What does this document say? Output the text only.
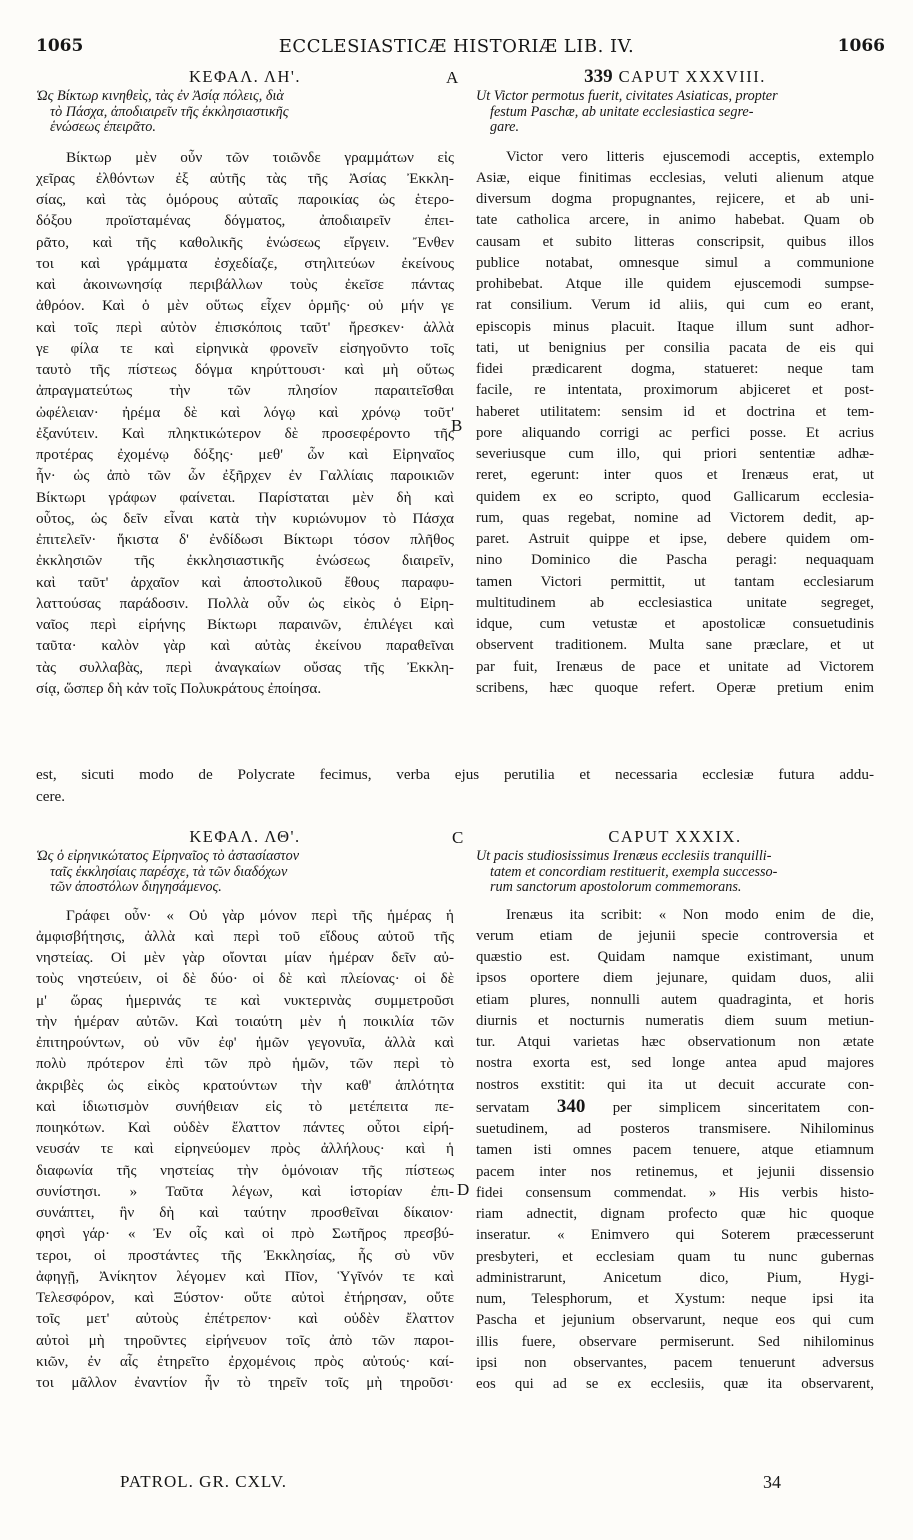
1065	ECCLESIASTICÆ HISTORIÆ LIB. IV.	1066
ΚΕΦΑΛ. ΛΗ'.
Ὡς Βίκτωρ κινηθεὶς, τὰς ἐν Ἀσίᾳ πόλεις, διὰ
τὸ Πάσχα, ἀποδιαιρεῖν τῆς ἐκκλησιαστικῆς
ἑνώσεως ἐπειρᾶτο.
Βίκτωρ μὲν οὖν τῶν τοιῶνδε γραμμάτων εἰς
χεῖρας ἐλθόντων ἐξ αὐτῆς τὰς τῆς Ἀσίας Ἐκκλη-
σίας, καὶ τὰς ὁμόρους αὐταῖς παροικίας ὡς ἑτερο-
δόξου προϊσταμένας δόγματος, ἀποδιαιρεῖν ἐπει-
ρᾶτο, καὶ τῆς καθολικῆς ἑνώσεως εἴργειν. Ἔνθεν
τοι καὶ γράμματα ἐσχεδίαζε, στηλιτεύων ἐκείνους
καὶ ἀκοινωνησίᾳ περιβάλλων τοὺς ἐκεῖσε πάντας
ἀθρόον. Καὶ ὁ μὲν οὕτως εἶχεν ὁρμῆς· οὐ μήν γε
καὶ τοῖς περὶ αὐτὸν ἐπισκόποις ταῦτ' ἤρεσκεν· ἀλλὰ
γε φίλα τε καὶ εἰρηνικὰ φρονεῖν εἰσηγοῦντο τοῖς
ταυτὸ τῆς πίστεως δόγμα κηρύττουσι· καὶ μὴ οὕτως
ἀπραγματεύτως τὴν τῶν πλησίον παραιτεῖσθαι
ὠφέλειαν· ἠρέμα δὲ καὶ λόγῳ καὶ χρόνῳ τοῦτ'
ἐξανύτειν. Καὶ πληκτικώτερον δὲ προσεφέροντο τῆς
προτέρας ἐχομένῳ δόξης· μεθ' ὧν καὶ Εἰρηναῖος
ἦν· ὡς ἀπὸ τῶν ὧν ἐξῆρχεν ἐν Γαλλίαις παροικιῶν
Βίκτωρι γράφων φαίνεται. Παρίσταται μὲν δὴ καὶ
οὗτος, ὡς δεῖν εἶναι κατὰ τὴν κυριώνυμον τὸ Πάσχα
ἐπιτελεῖν· ἥκιστα δ' ἐνδίδωσι Βίκτωρι τόσον πλῆθος
ἐκκλησιῶν τῆς ἐκκλησιαστικῆς ἑνώσεως διαιρεῖν,
καὶ ταῦτ' ἀρχαῖον καὶ ἀποστολικοῦ ἔθους παραφυ-
λαττούσας παράδοσιν. Πολλὰ οὖν ὡς εἰκὸς ὁ Εἰρη-
ναῖος περὶ εἰρήνης Βίκτωρι παραινῶν, ἐπιλέγει καὶ
ταῦτα· καλὸν γὰρ καὶ αὐτὰς ἐκείνου παραθεῖναι
τὰς συλλαβὰς, περὶ ἀναγκαίων οὔσας τῆς Ἐκκλη-
σίᾳ, ὥσπερ δὴ κἀν τοῖς Πολυκράτους ἐποίησα.
339 CAPUT XXXVIII.
Ut Victor permotus fuerit, civitates Asiaticas, propter
festum Paschæ, ab unitate ecclesiastica segre-
gare.
Victor vero litteris ejuscemodi acceptis, extemplo
Asiæ, eique finitimas ecclesias, veluti alienum atque
diversum dogma propugnantes, rejicere, et ab uni-
tate catholica arcere, in animo habebat. Quam ob
causam et subito litteras conscripsit, quibus illos
publice notabat, omnesque simul a communione
prohibebat. Atque ille quidem ejuscemodi sumpse-
rat consilium. Verum id aliis, qui cum eo erant,
episcopis minus placuit. Itaque illum sunt adhor-
tati, ut benignius per consilia pacata de eis qui
fidei prædicarent dogma, statueret: neque tam
facile, re intentata, proximorum abjiceret et post-
haberet utilitatem: sensim id et doctrina et tem-
pore aliquando corrigi ac perfici posse. Et acrius
severiusque cum illo, qui priori sententiæ adhæ-
reret, egerunt: inter quos et Irenæus erat, ut
quidem ex eo scripto, quod Gallicarum ecclesia-
rum, quas regebat, nomine ad Victorem dedit, ap-
paret. Astruit quippe et ipse, debere quidem om-
nino Dominico die Pascha peragi: nequaquam
tamen Victori permittit, ut tantam ecclesiarum
multitudinem ab ecclesiastica unitate segreget,
idque, cum vetustæ et apostolicæ consuetudinis
observent traditionem. Multa sane præclare, et ut
par fuit, Irenæus de pace et unitate ad Victorem
scribens, hæc quoque refert. Operæ pretium enim
est, sicuti modo de Polycrate fecimus, verba ejus perutilia et necessaria ecclesiæ futura addu-
cere.
A
B
C
D
ΚΕΦΑΛ. ΛΘ'.
Ὡς ὁ εἰρηνικώτατος Εἰρηναῖος τὸ ἀστασίαστον
ταῖς ἐκκλησίαις παρέσχε, τὰ τῶν διαδόχων
τῶν ἀποστόλων διηγησάμενος.
Γράφει οὖν· « Οὐ γὰρ μόνον περὶ τῆς ἡμέρας ἡ
ἀμφισβήτησις, ἀλλὰ καὶ περὶ τοῦ εἴδους αὐτοῦ τῆς
νηστείας. Οἱ μὲν γὰρ οἴονται μίαν ἡμέραν δεῖν αὐ-
τοὺς νηστεύειν, οἱ δὲ δύο· οἱ δὲ καὶ πλείονας· οἱ δὲ
μ' ὥρας ἡμερινάς τε καὶ νυκτερινὰς συμμετροῦσι
τὴν ἡμέραν αὐτῶν. Καὶ τοιαύτη μὲν ἡ ποικιλία τῶν
ἐπιτηρούντων, οὐ νῦν ἐφ' ἡμῶν γεγονυῖα, ἀλλὰ καὶ
πολὺ πρότερον ἐπὶ τῶν πρὸ ἡμῶν, τῶν περὶ τὸ
ἀκριβὲς ὡς εἰκὸς κρατούντων τὴν καθ' ἁπλότητα
καὶ ἰδιωτισμὸν συνήθειαν εἰς τὸ μετέπειτα πε-
ποιηκότων. Καὶ οὐδὲν ἔλαττον πάντες οὗτοι εἰρή-
νευσάν τε καὶ εἰρηνεύομεν πρὸς ἀλλήλους· καὶ ἡ
διαφωνία τῆς νηστείας τὴν ὁμόνοιαν τῆς πίστεως
συνίστησι. » Ταῦτα λέγων, καὶ ἱστορίαν ἐπι-
συνάπτει, ἣν δὴ καὶ ταύτην προσθεῖναι δίκαιον·
φησὶ γάρ· « Ἐν οἷς καὶ οἱ πρὸ Σωτῆρος πρεσβύ-
τεροι, οἱ προστάντες τῆς Ἐκκλησίας, ἧς σὺ νῦν
ἀφηγῇ, Ἀνίκητον λέγομεν καὶ Πῖον, Ὑγῖνόν τε καὶ
Τελεσφόρον, καὶ Ξύστον· οὔτε αὐτοὶ ἐτήρησαν, οὔτε
τοῖς μετ' αὐτοὺς ἐπέτρεπον· καὶ οὐδὲν ἔλαττον
αὐτοὶ μὴ τηροῦντες εἰρήνευον τοῖς ἀπὸ τῶν παροι-
κιῶν, ἐν αἷς ἐτηρεῖτο ἐρχομένοις πρὸς αὐτούς· καί-
τοι μᾶλλον ἐναντίον ἦν τὸ τηρεῖν τοῖς μὴ τηροῦσι·
CAPUT XXXIX.
Ut pacis studiosissimus Irenæus ecclesiis tranquilli-
tatem et concordiam restituerit, exempla successo-
rum sanctorum apostolorum commemorans.
Irenæus ita scribit: « Non modo enim de die,
verum etiam de jejunii specie controversia et
quæstio est. Quidam namque existimant, unum
ipsos oportere diem jejunare, quidam duos, alii
etiam plures, nonnulli autem quadraginta, et horis
diurnis et nocturnis numeratis diem suum metiun-
tur. Atqui varietas hæc observationum non ætate
nostra exorta est, sed longe antea apud majores
nostros exstitit: qui ita ut decuit accurate con-
servatam 340 per simplicem sinceritatem con-
suetudinem, ad posteros transmisere. Nihilominus
tamen isti omnes pacem tenuere, atque etiamnum
pacem inter nos retinemus, et jejunii dissensio
fidei consensum commendat. » His verbis histo-
riam adnectit, dignam profecto quæ hic quoque
inseratur. « Enimvero qui Soterem præcesserunt
presbyteri, et ecclesiam quam tu nunc gubernas
administrarunt, Anicetum dico, Pium, Hygi-
num, Telesphorum, et Xystum: neque ipsi ita
Pascha et jejunium observarunt, neque eos qui cum
illis fuere, observare permiserunt. Sed nihilominus
ipsi non observantes, pacem tenuerunt adversus
eos qui ad se ex ecclesiis, quæ ita observarent,
PATROL. GR. CXLV.	34
